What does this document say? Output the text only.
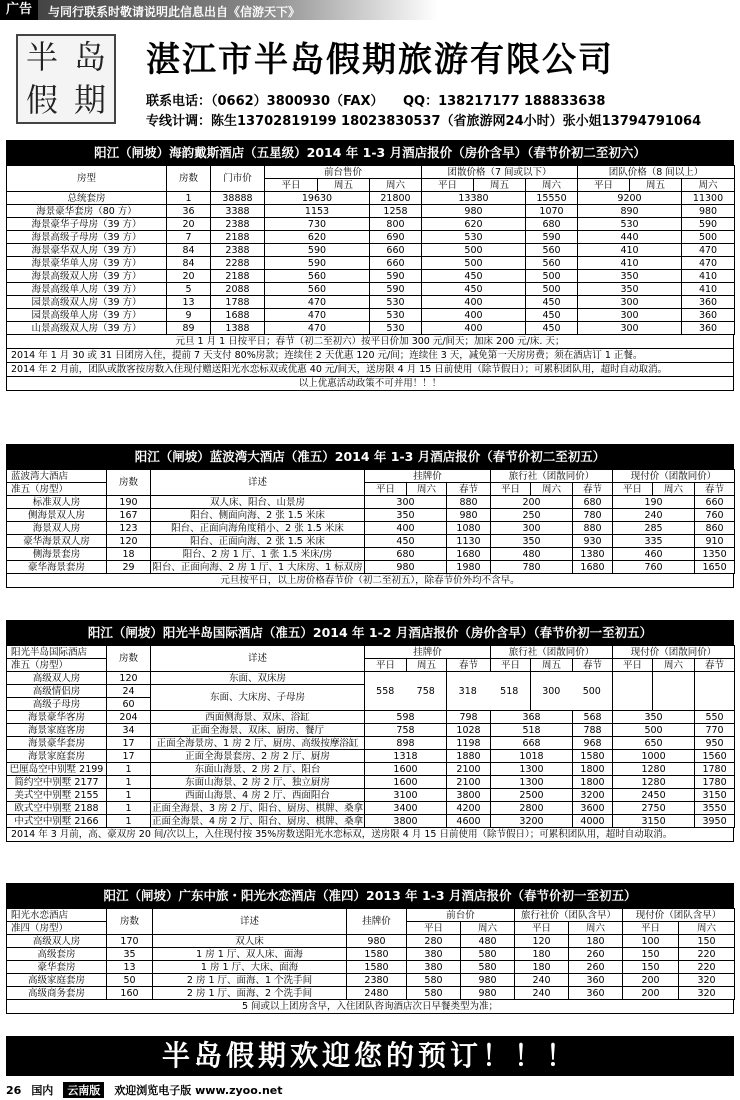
广告	与同行联系时敬请说明此信息出自《信游天下》
半 岛
假 期
湛江市半岛假期旅游有限公司
联系电话：（0662）3800930（FAX）　　QQ：138217177 188833638
专线计调：陈生13702819199 18023830537（省旅游网24小时）张小姐13794791064
阳江（闸坡）海韵戴斯酒店（五星级）2014 年 1-3 月酒店报价（房价含早）（春节价初二至初六）
房型	房数	门市价	前台售价			团散价格（7 间或以下）			团队价格（8 间以上）		
			平日	周五	周六	平日	周五	周六	平日	周五	周六
总统套房	1	38888	19630		21800	13380		15550	9200		11300
海景豪华套房（80 方）	36	3388	1153		1258	980		1070	890		980
海景豪华子母房（39 方）	20	2388	730		800	620		680	530		590
海景高级子母房（39 方）	7	2188	620		690	530		590	440		500
海景豪华双人房（39 方）	84	2388	590		660	500		560	410		470
海景豪华单人房（39 方）	84	2288	590		660	500		560	410		470
海景高级双人房（39 方）	20	2188	560		590	450		500	350		410
海景高级单人房（39 方）	5	2088	560		590	450		500	350		410
园景高级双人房（39 方）	13	1788	470		530	400		450	300		360
园景高级单人房（39 方）	9	1688	470		530	400		450	300		360
山景高级双人房（39 方）	89	1388	470		530	400		450	300		360
元旦 1 月 1 日按平日；春节（初二至初六）按平日价加 300 元/间天；加床 200 元/床. 天；
2014 年 1 月 30 或 31 日团房入住，提前 7 天支付 80%房款；连续住 2 天优惠 120 元/间；连续住 3 天，减免第一天房房费；须在酒店订 1 正餐。
2014 年 2 月前，团队或散客按房数入住现付赠送阳光水恋标双或优惠 40 元/间天，送房限 4 月 15 日前使用（除节假日）；可累积团队用，超时自动取消。
以上优惠活动政策不可并用！！！
阳江（闸坡）蓝波湾大酒店（准五）2014 年 1-3 月酒店报价（春节价初二至初五）
蓝波湾大酒店	房数	详述	挂牌价			旅行社（团散同价）			现付价（团散同价）		
准五（房型）			平日	周六	春节	平日	周六	春节	平日	周六	春节
标准双人房	190	双人床、阳台、山景房	300		880	200		680	190		660
侧海景双人房	167	阳台、侧面向海、2 张 1.5 米床	350		980	250		780	240		760
海景双人房	123	阳台、正面向海角度稍小、2 张 1.5 米床	400		1080	300		880	285		860
豪华海景双人房	120	阳台、正面向海、2 张 1.5 米床	450		1130	350		930	335		910
侧海景套房	18	阳台、2 房 1 厅、1 张 1.5 米床/房	680		1680	480		1380	460		1350
豪华海景套房	29	阳台、正面向海、2 房 1 厅、1 大床房、1 标双房	980		1980	780		1680	760		1650
元旦按平日，以上房价格春节价（初二至初五），除春节价外均不含早。
阳江（闸坡）阳光半岛国际酒店（准五）2014 年 1-2 月酒店报价（房价含早）（春节价初一至初五）
阳光半岛国际酒店	房数	详述	挂牌价			旅行社（团散同价）			现付价（团散同价）		
准五（房型）			平日	周五	春节	平日	周五	春节	平日	周六	春节
高级双人房	120	东面、双床房	558 758		318 518		300 500				

高级情侣房	24	东面、大床房、子母房									
高级子母房	60										
海景豪华客房	204	西面侧海景、双床、浴缸	598		798	368		568	350		550
海景家庭客房	34	正面全海景、双床、厨房、餐厅	758		1028	518		788	500		770
海景豪华套房	17	正面全海景房、1 房 2 厅、厨房、高级按摩浴缸	898		1198	668		968	650		950
海景家庭套房	17	正面全海景套房、2 房 2 厅、厨房	1318		1880	1018		1580	1000		1560
巴厘岛空中别墅 2199	1	东面山海景、2 房 2 厅、阳台	1600		2100	1300		1800	1280		1780
简约空中别墅 2177	1	东面山海景、2 房 2 厅、独立厨房	1600		2100	1300		1800	1280		1780
美式空中别墅 2155	1	西面山海景、4 房 2 厅、西面阳台	3100		3800	2500		3200	2450		3150
欧式空中别墅 2188	1	正面全海景、3 房 2 厅、阳台、厨房、棋牌、桑拿	3400		4200	2800		3600	2750		3550
中式空中别墅 2166	1	正面全海景、4 房 2 厅、阳台、厨房、棋牌、桑拿	3800		4600	3200		4000	3150		3950
2014 年 3 月前，高、豪双房 20 间/次以上，入住现付按 35%房数送阳光水恋标双，送房限 4 月 15 日前使用（除节假日）；可累积团队用，超时自动取消。
阳江（闸坡）广东中旅・阳光水恋酒店（准四）2013 年 1-3 月酒店报价（春节价初一至初五）
阳光水恋酒店	房数	详述	挂牌价	前台价		旅行社价（团队含早）		现付价（团队含早）	
准四（房型）				平日	周六	平日	周六	平日	周六
高级双人房	170	双人床	980	280	480	120	180	100	150
高级套房	35	1 房 1 厅、双人床、面海	1580	380	580	180	260	150	220
豪华套房	13	1 房 1 厅、大床、面海	1580	380	580	180	260	150	220
高级家庭套房	50	2 房 1 厅、面海、1 个洗手间	2380	580	980	240	360	200	320
高级商务套房	160	2 房 1 厅、面海、2 个洗手间	2480	580	980	240	360	200	320
5 间或以上团房含早，入住团队咨询酒店次日早餐类型为准；
半岛假期欢迎您的预订！！！
26 国内	云南版	欢迎浏览电子版 www.zyoo.net
